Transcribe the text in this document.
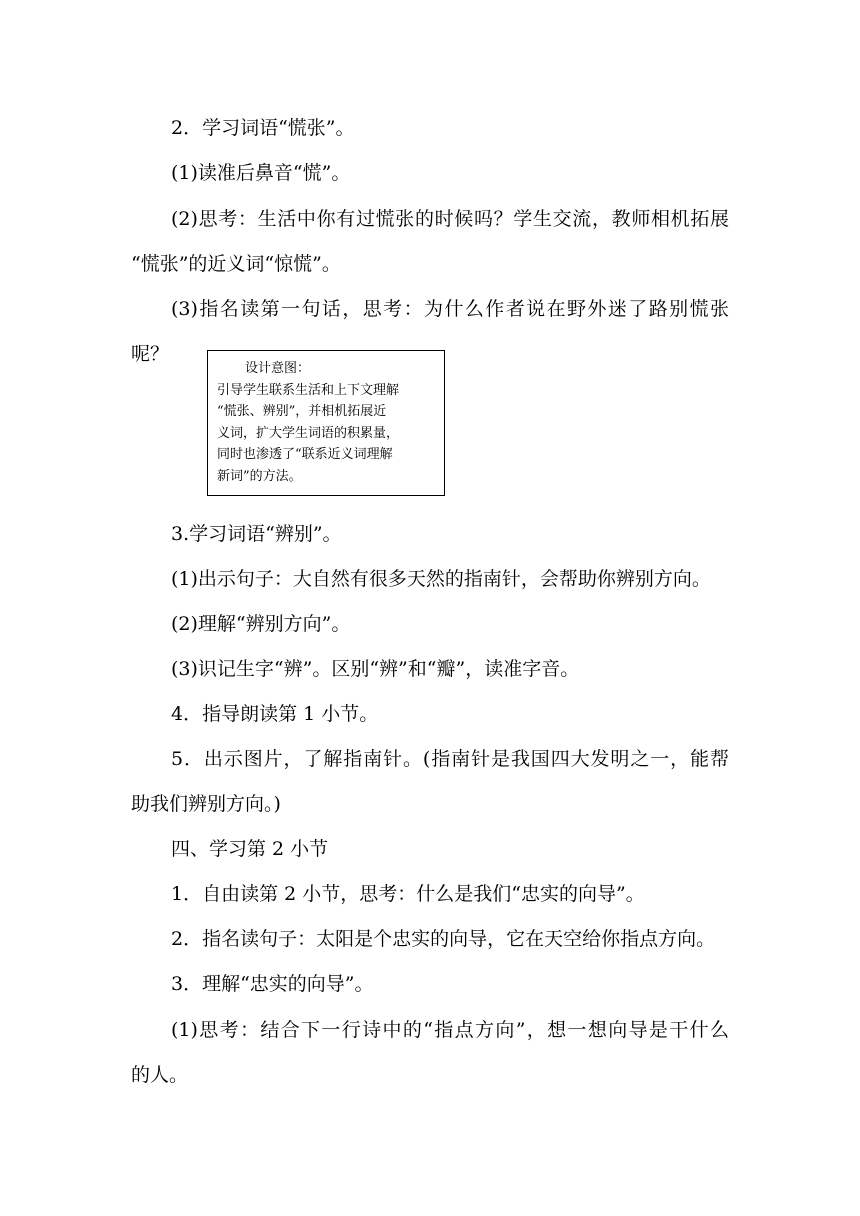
2．学习词语“慌张”。
(1)读准后鼻音“慌”。
(2)思考：生活中你有过慌张的时候吗？学生交流，教师相机拓展
“慌张”的近义词“惊慌”。
(3)指名读第一句话，思考：为什么作者说在野外迷了路别慌张
呢？
设计意图：
引导学生联系生活和上下文理解
“慌张、辨别”，并相机拓展近
义词，扩大学生词语的积累量，
同时也渗透了“联系近义词理解
新词”的方法。
3.学习词语“辨别”。
(1)出示句子：大自然有很多天然的指南针，会帮助你辨别方向。
(2)理解“辨别方向”。
(3)识记生字“辨”。区别“辨”和“瓣”，读准字音。
4．指导朗读第 1 小节。
5．出示图片，了解指南针。(指南针是我国四大发明之一，能帮
助我们辨别方向。)
四、学习第 2 小节
1．自由读第 2 小节，思考：什么是我们“忠实的向导”。
2．指名读句子：太阳是个忠实的向导，它在天空给你指点方向。
3．理解“忠实的向导”。
(1)思考：结合下一行诗中的“指点方向”，想一想向导是干什么
的人。
